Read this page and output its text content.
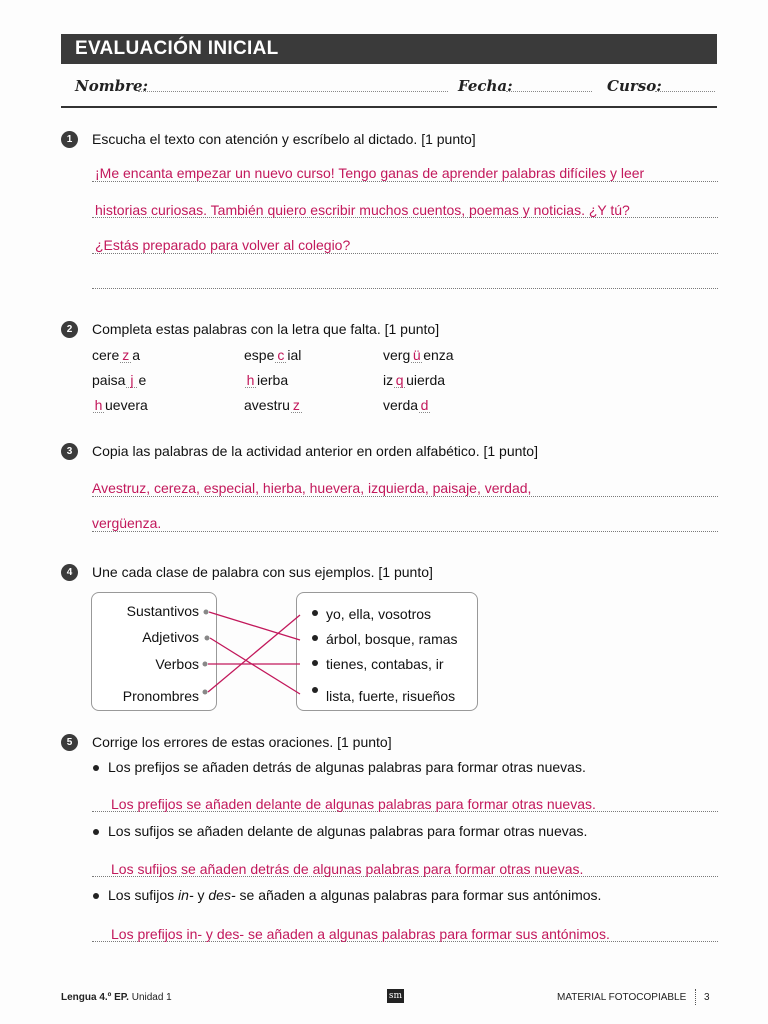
EVALUACIÓN INICIAL
Nombre:	Fecha:	Curso:
1	Escucha el texto con atención y escríbelo al dictado. [1 punto]
¡Me encanta empezar un nuevo curso! Tengo ganas de aprender palabras difíciles y leer
historias curiosas. También quiero escribir muchos cuentos, poemas y noticias. ¿Y tú?
¿Estás preparado para volver al colegio?
2	Completa estas palabras con la letra que falta. [1 punto]
cere z a	espe c ial	verg ü enza
paisa j e	h ierba	iz q uierda
h uevera	avestru z	verda d
3	Copia las palabras de la actividad anterior en orden alfabético. [1 punto]
Avestruz, cereza, especial, hierba, huevera, izquierda, paisaje, verdad,
vergüenza.
4	Une cada clase de palabra con sus ejemplos. [1 punto]
Sustantivos
Adjetivos
Verbos
Pronombres
yo, ella, vosotros
árbol, bosque, ramas
tienes, contabas, ir
lista, fuerte, risueños
5	Corrige los errores de estas oraciones. [1 punto]
Los prefijos se añaden detrás de algunas palabras para formar otras nuevas.
Los prefijos se añaden delante de algunas palabras para formar otras nuevas.
Los sufijos se añaden delante de algunas palabras para formar otras nuevas.
Los sufijos se añaden detrás de algunas palabras para formar otras nuevas.
Los sufijos in- y des- se añaden a algunas palabras para formar sus antónimos.
Los prefijos in- y des- se añaden a algunas palabras para formar sus antónimos.
Lengua 4.º EP. Unidad 1	sm	MATERIAL FOTOCOPIABLE 3
